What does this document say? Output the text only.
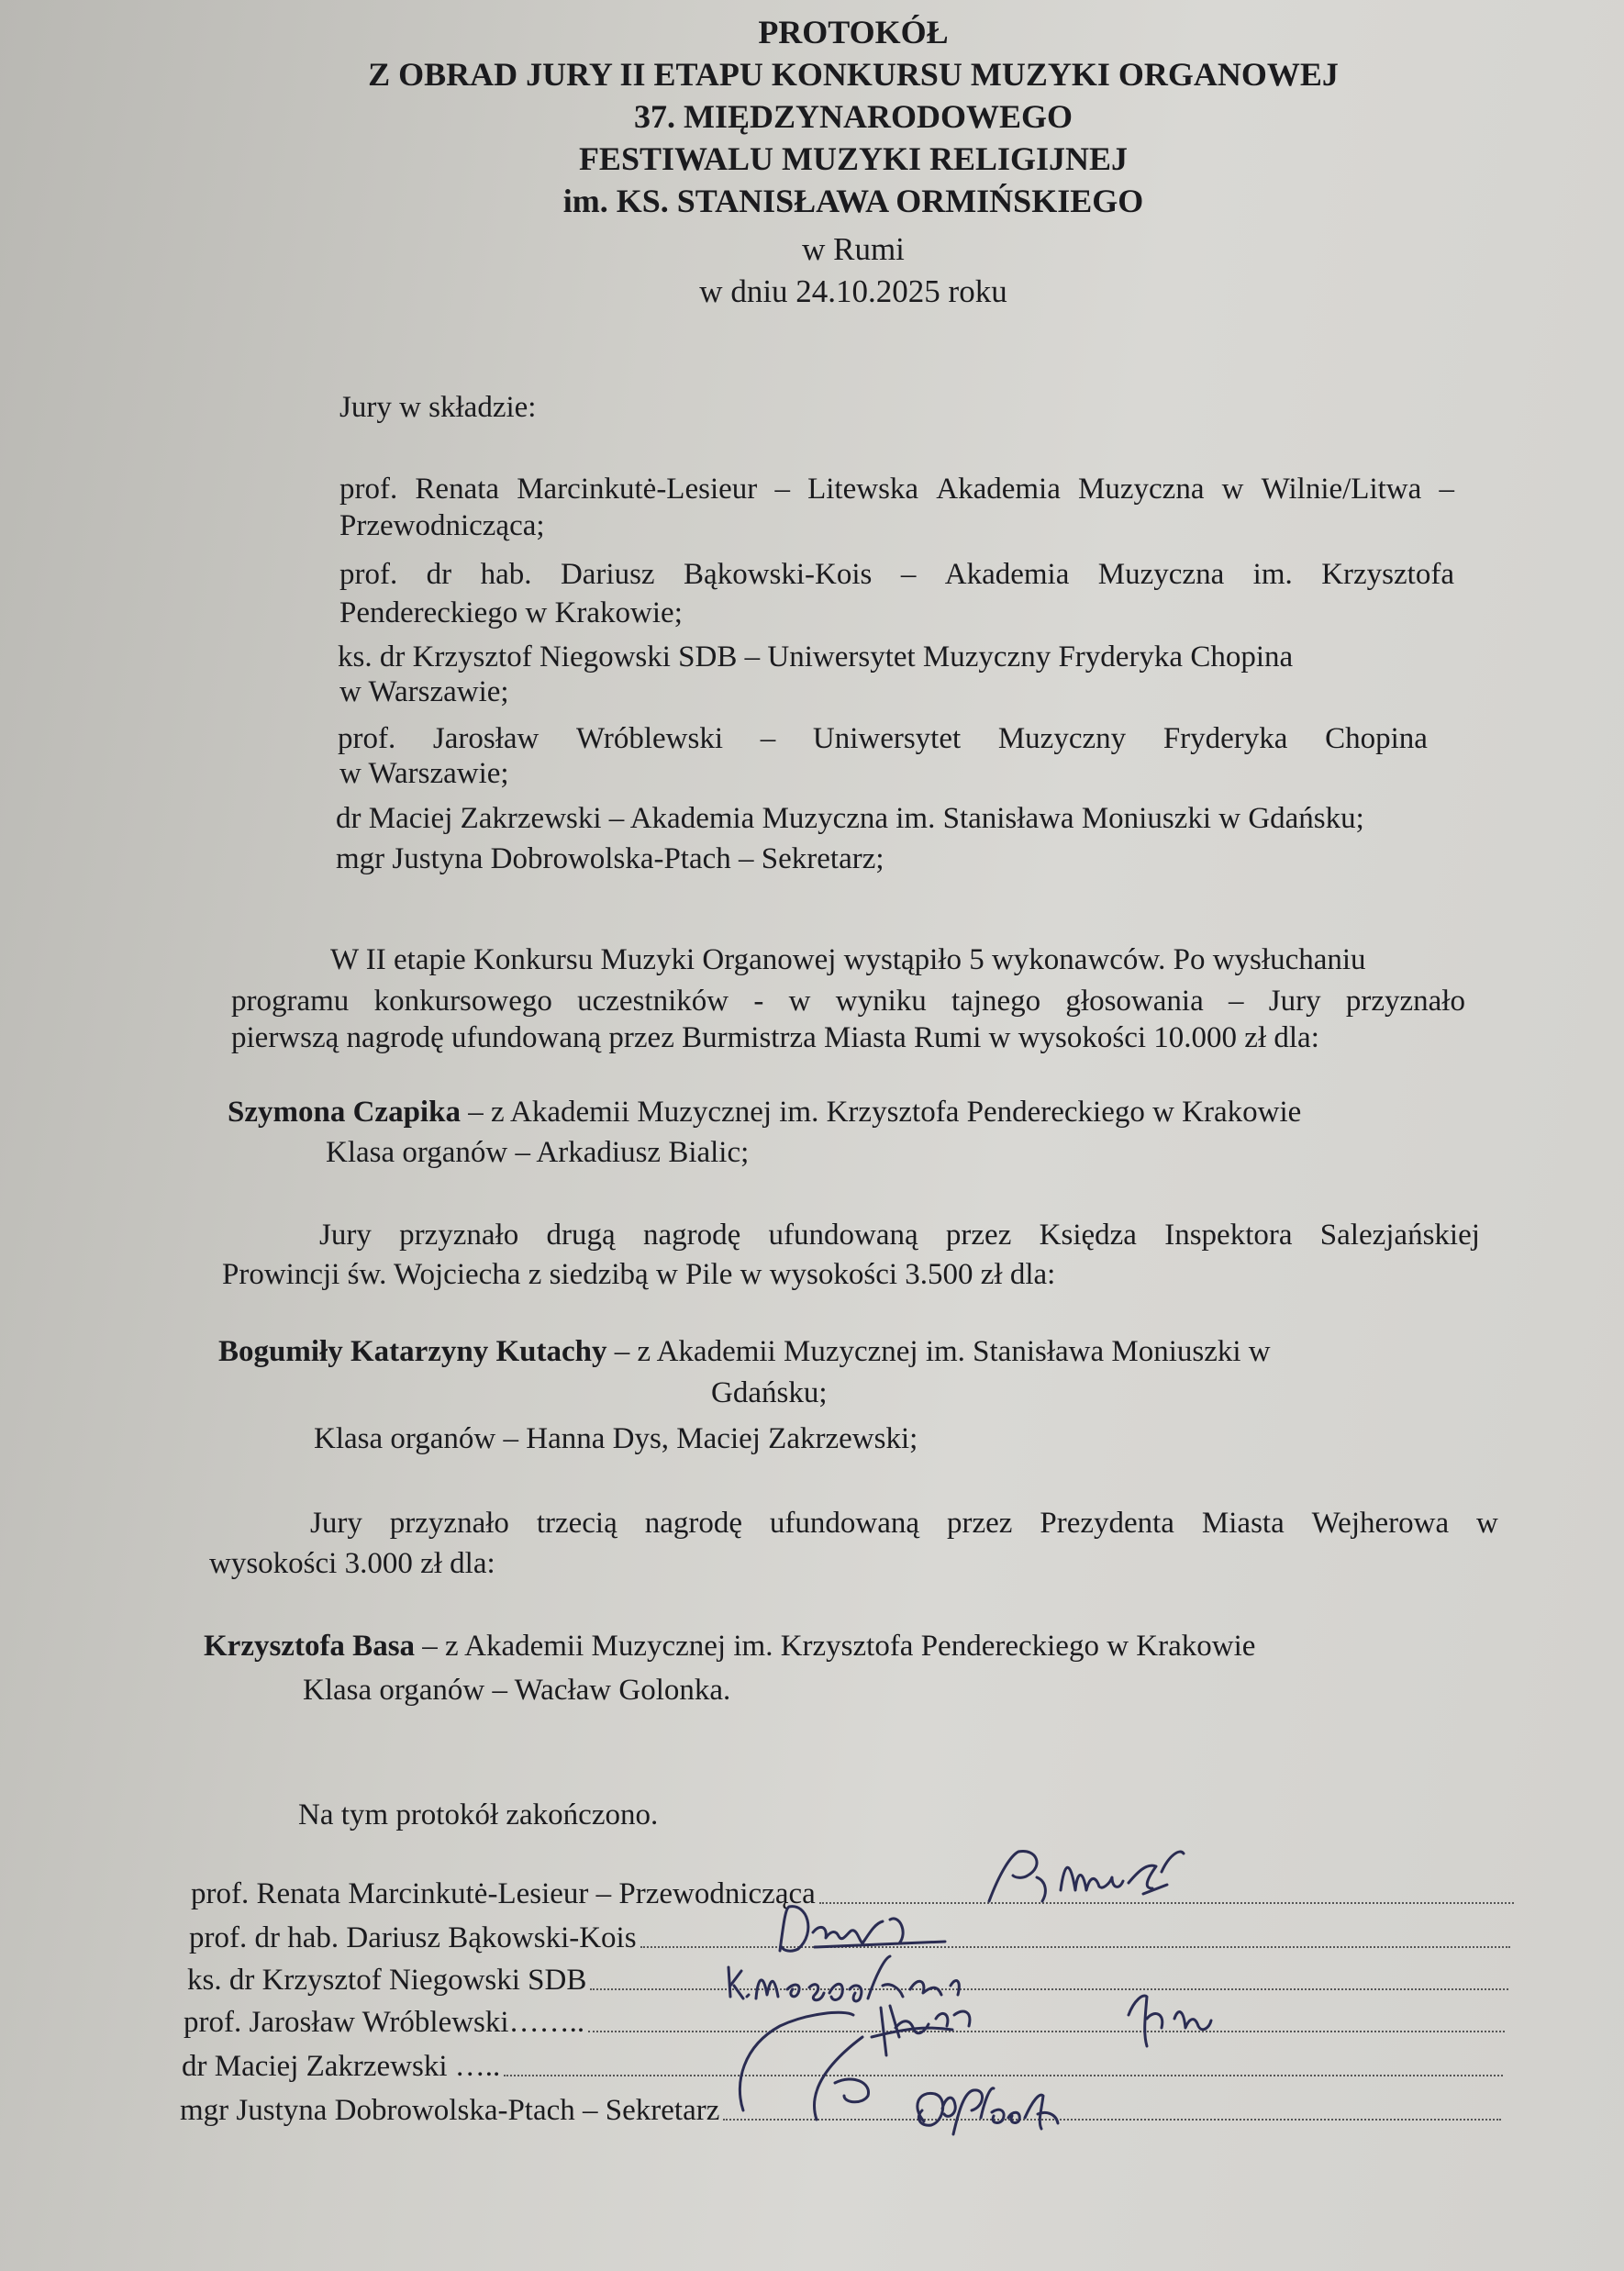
PROTOKÓŁ
Z OBRAD JURY II ETAPU KONKURSU MUZYKI ORGANOWEJ
37. MIĘDZYNARODOWEGO
FESTIWALU MUZYKI RELIGIJNEJ
im. KS. STANISŁAWA ORMIŃSKIEGO
w Rumi
w dniu 24.10.2025 roku
Jury w składzie:
prof. Renata Marcinkutė-Lesieur – Litewska Akademia Muzyczna w Wilnie/Litwa –
Przewodnicząca;
prof. dr hab. Dariusz Bąkowski-Kois – Akademia Muzyczna im. Krzysztofa
Pendereckiego w Krakowie;
ks. dr Krzysztof Niegowski SDB – Uniwersytet Muzyczny Fryderyka Chopina
w Warszawie;
prof. Jarosław Wróblewski – Uniwersytet Muzyczny Fryderyka Chopina
w Warszawie;
dr Maciej Zakrzewski – Akademia Muzyczna im. Stanisława Moniuszki w Gdańsku;
mgr Justyna Dobrowolska-Ptach – Sekretarz;
W II etapie Konkursu Muzyki Organowej wystąpiło 5 wykonawców. Po wysłuchaniu
programu konkursowego uczestników - w wyniku tajnego głosowania – Jury przyznało
pierwszą nagrodę ufundowaną przez Burmistrza Miasta Rumi w wysokości 10.000 zł dla:
Szymona Czapika – z Akademii Muzycznej im. Krzysztofa Pendereckiego w Krakowie
Klasa organów – Arkadiusz Bialic;
Jury przyznało drugą nagrodę ufundowaną przez Księdza Inspektora Salezjańskiej
Prowincji św. Wojciecha z siedzibą w Pile w wysokości 3.500 zł dla:
Bogumiły Katarzyny Kutachy – z Akademii Muzycznej im. Stanisława Moniuszki w
Gdańsku;
Klasa organów – Hanna Dys, Maciej Zakrzewski;
Jury przyznało trzecią nagrodę ufundowaną przez Prezydenta Miasta Wejherowa w
wysokości 3.000 zł dla:
Krzysztofa Basa – z Akademii Muzycznej im. Krzysztofa Pendereckiego w Krakowie
Klasa organów – Wacław Golonka.
Na tym protokół zakończono.
prof. Renata Marcinkutė-Lesieur – Przewodnicząca
prof. dr hab. Dariusz Bąkowski-Kois
ks. dr Krzysztof Niegowski SDB
prof. Jarosław Wróblewski……..
dr Maciej Zakrzewski …..
mgr Justyna Dobrowolska-Ptach – Sekretarz
